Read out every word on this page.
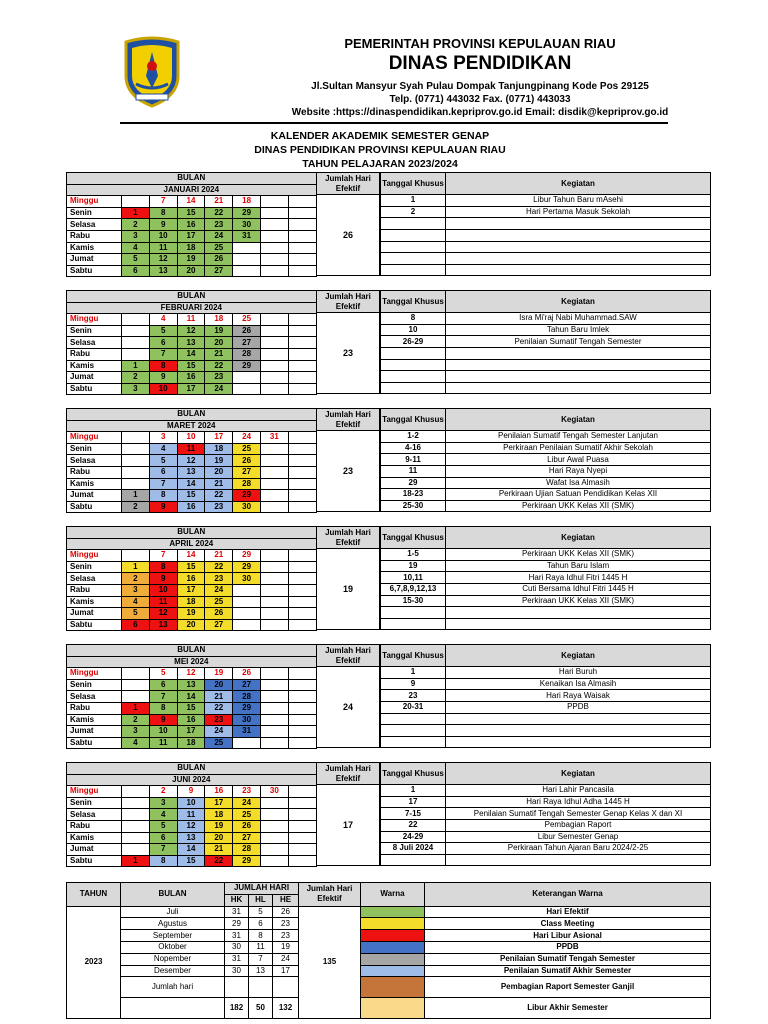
PEMERINTAH PROVINSI KEPULAUAN RIAU
DINAS PENDIDIKAN
Jl.Sultan Mansyur Syah Pulau Dompak Tanjungpinang Kode Pos 29125
Telp. (0771) 443032 Fax. (0771) 443033
Website :https://dinaspendidikan.kepriprov.go.id Email: disdik@kepriprov.go.id
KALENDER AKADEMIK SEMESTER GENAP
DINAS PENDIDIKAN PROVINSI KEPULAUAN RIAU
TAHUN PELAJARAN 2023/2024
BULAN							
JANUARI 2024							
Minggu		7	14	21	18		
Senin	1	8	15	22	29		
Selasa	2	9	16	23	30		
Rabu	3	10	17	24	31		
Kamis	4	11	18	25			
Jumat	5	12	19	26			
Sabtu	6	13	20	27			
Jumlah Hari Efektif
26
Tanggal Khusus	Kegiatan
1	Libur Tahun Baru mAsehi
2	Hari Pertama Masuk Sekolah

BULAN							
FEBRUARI 2024							
Minggu		4	11	18	25		
Senin		5	12	19	26		
Selasa		6	13	20	27		
Rabu		7	14	21	28		
Kamis	1	8	15	22	29		
Jumat	2	9	16	23			
Sabtu	3	10	17	24			
Jumlah Hari Efektif
23
Tanggal Khusus	Kegiatan
8	Isra Mi'raj Nabi Muhammad.SAW
10	Tahun Baru Imlek
26-29	Penilaian Sumatif Tengah Semester

BULAN							
MARET 2024							
Minggu		3	10	17	24	31	
Senin		4	11	18	25		
Selasa		5	12	19	26		
Rabu		6	13	20	27		
Kamis		7	14	21	28		
Jumat	1	8	15	22	29		
Sabtu	2	9	16	23	30		
Jumlah Hari Efektif
23
Tanggal Khusus	Kegiatan
1-2	Penilaian Sumatif Tengah Semester Lanjutan
4-16	Perkiraan Penilaian Sumatif Akhir Sekolah
9-11	Libur Awal Puasa
11	Hari Raya Nyepi
29	Wafat Isa Almasih
18-23	Perkiraan Ujian Satuan Pendidikan Kelas XII
25-30	Perkiraan UKK Kelas XII (SMK)
BULAN							
APRIL 2024							
Minggu		7	14	21	29		
Senin	1	8	15	22	29		
Selasa	2	9	16	23	30		
Rabu	3	10	17	24			
Kamis	4	11	18	25			
Jumat	5	12	19	26			
Sabtu	6	13	20	27			
Jumlah Hari Efektif
19
Tanggal Khusus	Kegiatan
1-5	Perkiraan UKK Kelas XII (SMK)
19	Tahun Baru Islam
10,11	Hari Raya Idhul Fitri 1445 H
6,7,8,9,12,13	Cuti Bersama Idhul Fitri 1445 H
15-30	Perkiraan UKK Kelas XII (SMK)

BULAN							
MEI 2024							
Minggu		5	12	19	26		
Senin		6	13	20	27		
Selasa		7	14	21	28		
Rabu	1	8	15	22	29		
Kamis	2	9	16	23	30		
Jumat	3	10	17	24	31		
Sabtu	4	11	18	25			
Jumlah Hari Efektif
24
Tanggal Khusus	Kegiatan
1	Hari Buruh
9	Kenaikan Isa Almasih
23	Hari Raya Waisak
20-31	PPDB

BULAN							
JUNI 2024							
Minggu		2	9	16	23	30	
Senin		3	10	17	24		
Selasa		4	11	18	25		
Rabu		5	12	19	26		
Kamis		6	13	20	27		
Jumat		7	14	21	28		
Sabtu	1	8	15	22	29		
Jumlah Hari Efektif
17
Tanggal Khusus	Kegiatan
1	Hari Lahir Pancasila
17	Hari Raya Idhul Adha 1445 H
7-15	Penilaian Sumatif Tengah Semester Genap Kelas X dan XI
22	Pembagian Raport
24-29	Libur Semester Genap
8 Juli 2024	Perkiraan Tahun Ajaran Baru 2024/2-25

TAHUN	BULAN	JUMLAH HARI			Jumlah Hari Efektif	Warna	Keterangan Warna
		HK	HL	HE			
2023	Juli	31	5	26	135		Hari Efektif
	Agustus	29	6	23			Class Meeting
	September	31	8	23			Hari Libur Asional
	Oktober	30	11	19			PPDB
	Nopember	31	7	24			Penilaian Sumatif Tengah Semester
	Desember	30	13	17			Penilaian Sumatif Akhir Semester
	Jumlah hari						Pembagian Raport Semester Ganjil
		182	50	132			Libur Akhir Semester
